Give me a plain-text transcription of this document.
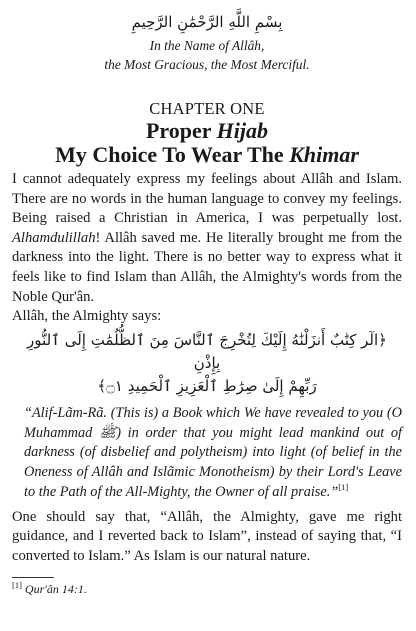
بِسْمِ اللَّهِ الرَّحْمَٰنِ الرَّحِيمِ
In the Name of Allâh,
the Most Gracious, the Most Merciful.
CHAPTER ONE
Proper Hijab
My Choice To Wear The Khimar

I cannot adequately express my feelings about Allâh and Islam. There are no words in the human language to convey my feelings. Being raised a Christian in America, I was perpetually lost. Alhamdulillah! Allâh saved me. He literally brought me from the darkness into the light. There is no better way to express what it feels like to find Islam than Allâh, the Almighty's words from the Noble Qur'ân.

Allâh, the Almighty says:
﴿الٓر كِتَٰبٌ أَنزَلْنَٰهُ إِلَيْكَ لِتُخْرِجَ ٱلنَّاسَ مِنَ ٱلظُّلُمَٰتِ إِلَى ٱلنُّورِ بِإِذْنِ
رَبِّهِمْ إِلَىٰ صِرَٰطِ ٱلْعَزِيزِ ٱلْحَمِيدِ ۝١﴾
“Alif-Lãm-Rã. (This is) a Book which We have revealed to you (O Muhammad ﷺ) in order that you might lead mankind out of darkness (of disbelief and polytheism) into light (of belief in the Oneness of Allâh and Islãmic Monotheism) by their Lord's Leave to the Path of the All-Mighty, the Owner of all praise.”[1]
One should say that, “Allâh, the Almighty, gave me right guidance, and I reverted back to Islam”, instead of saying that, “I converted to Islam.” As Islam is our natural nature.
[1] Qur'ân 14:1.
